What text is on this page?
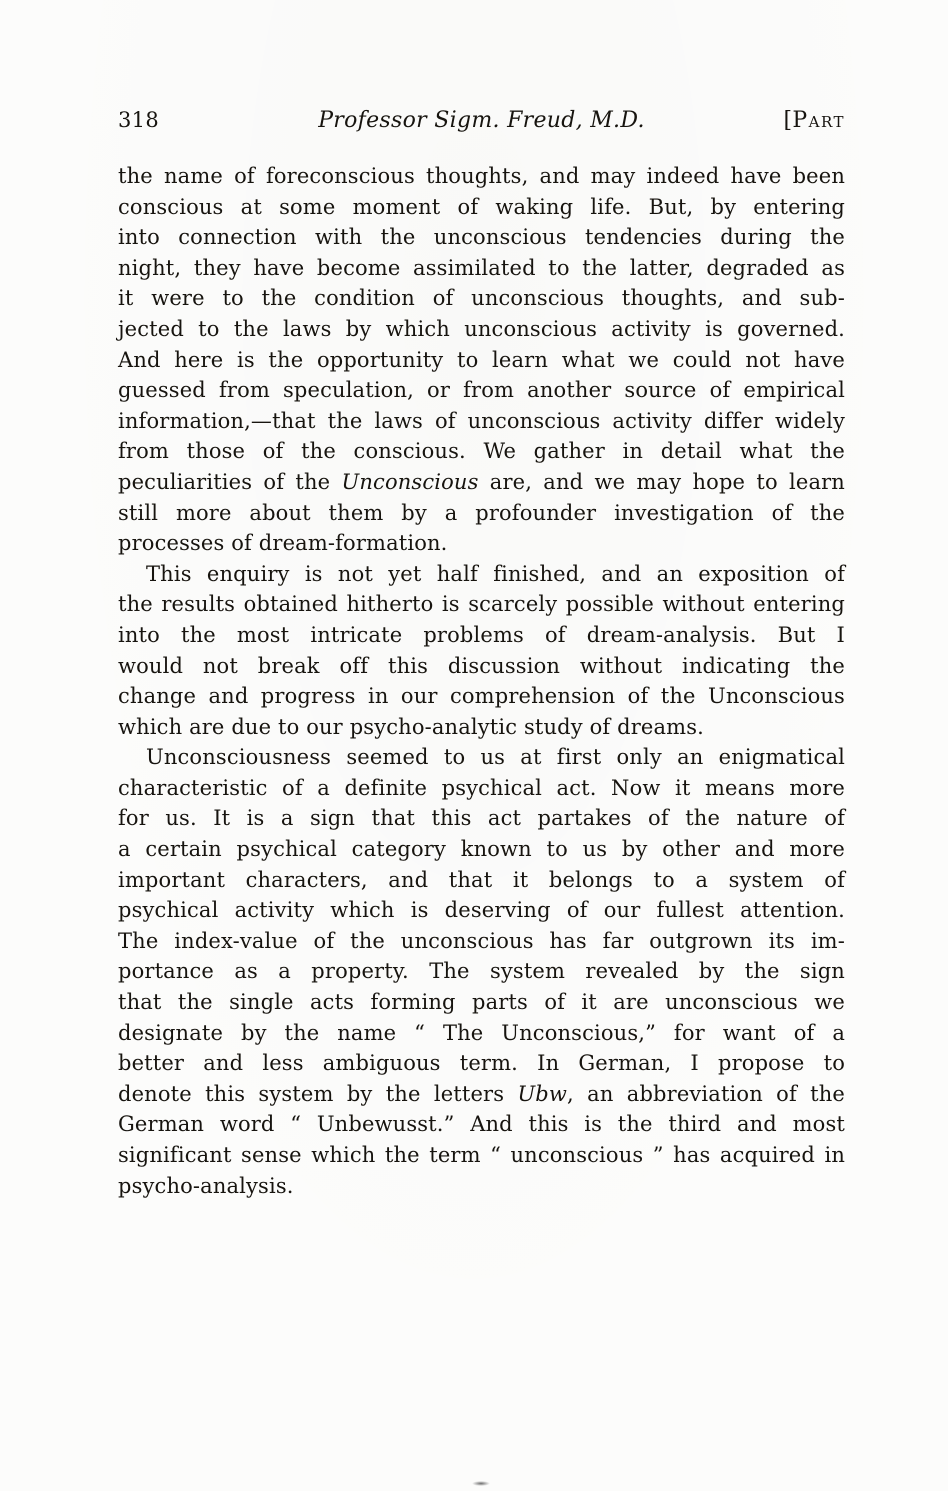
318	Professor Sigm. Freud, M.D.	[Part
the name of foreconscious thoughts, and may indeed have been
conscious at some moment of waking life. But, by entering
into connection with the unconscious tendencies during the
night, they have become assimilated to the latter, degraded as
it were to the condition of unconscious thoughts, and sub-
jected to the laws by which unconscious activity is governed.
And here is the opportunity to learn what we could not have
guessed from speculation, or from another source of empirical
information,—that the laws of unconscious activity differ widely
from those of the conscious. We gather in detail what the
peculiarities of the Unconscious are, and we may hope to learn
still more about them by a profounder investigation of the
processes of dream-formation.
This enquiry is not yet half finished, and an exposition of
the results obtained hitherto is scarcely possible without entering
into the most intricate problems of dream-analysis. But I
would not break off this discussion without indicating the
change and progress in our comprehension of the Unconscious
which are due to our psycho-analytic study of dreams.
Unconsciousness seemed to us at first only an enigmatical
characteristic of a definite psychical act. Now it means more
for us. It is a sign that this act partakes of the nature of
a certain psychical category known to us by other and more
important characters, and that it belongs to a system of
psychical activity which is deserving of our fullest attention.
The index-value of the unconscious has far outgrown its im-
portance as a property. The system revealed by the sign
that the single acts forming parts of it are unconscious we
designate by the name “ The Unconscious,” for want of a
better and less ambiguous term. In German, I propose to
denote this system by the letters Ubw, an abbreviation of the
German word “ Unbewusst.” And this is the third and most
significant sense which the term “ unconscious ” has acquired in
psycho-analysis.
